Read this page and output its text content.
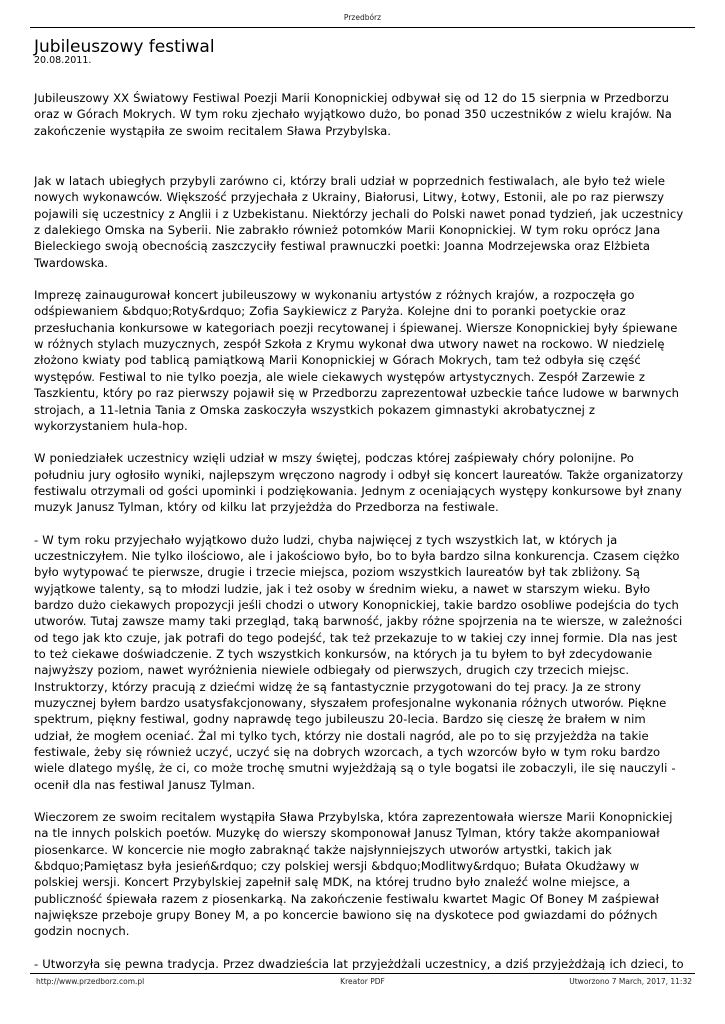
Przedbórz
Jubileuszowy festiwal
20.08.2011.

Jubileuszowy XX Światowy Festiwal Poezji Marii Konopnickiej odbywał się od 12 do 15 sierpnia w Przedborzu oraz w Górach Mokrych. W tym roku zjechało wyjątkowo dużo, bo ponad 350 uczestników z wielu krajów. Na zakończenie wystąpiła ze swoim recitalem Sława Przybylska.

Jak w latach ubiegłych przybyli zarówno ci, którzy brali udział w poprzednich festiwalach, ale było też wiele nowych wykonawców. Większość przyjechała z Ukrainy, Białorusi, Litwy, Łotwy, Estonii, ale po raz pierwszy pojawili się uczestnicy z Anglii i z Uzbekistanu. Niektórzy jechali do Polski nawet ponad tydzień, jak uczestnicy z dalekiego Omska na Syberii. Nie zabrakło również potomków Marii Konopnickiej. W tym roku oprócz Jana Bieleckiego swoją obecnością zaszczyciły festiwal prawnuczki poetki: Joanna Modrzejewska oraz Elżbieta Twardowska.

Imprezę zainaugurował koncert jubileuszowy w wykonaniu artystów z różnych krajów, a rozpoczęła go odśpiewaniem &bdquo;Roty&rdquo; Zofia Saykiewicz z Paryża. Kolejne dni to poranki poetyckie oraz przesłuchania konkursowe w kategoriach poezji recytowanej i śpiewanej. Wiersze Konopnickiej były śpiewane w różnych stylach muzycznych, zespół Szkoła z Krymu wykonał dwa utwory nawet na rockowo. W niedzielę złożono kwiaty pod tablicą pamiątkową Marii Konopnickiej w Górach Mokrych, tam też odbyła się część występów. Festiwal to nie tylko poezja, ale wiele ciekawych występów artystycznych. Zespół Zarzewie z Taszkientu, który po raz pierwszy pojawił się w Przedborzu zaprezentował uzbeckie tańce ludowe w barwnych strojach, a 11-letnia Tania z Omska zaskoczyła wszystkich pokazem gimnastyki akrobatycznej z wykorzystaniem hula-hop.

W poniedziałek uczestnicy wzięli udział w mszy świętej, podczas której zaśpiewały chóry polonijne. Po południu jury ogłosiło wyniki, najlepszym wręczono nagrody i odbył się koncert laureatów. Także organizatorzy festiwalu otrzymali od gości upominki i podziękowania. Jednym z oceniających występy konkursowe był znany muzyk Janusz Tylman, który od kilku lat przyjeżdża do Przedborza na festiwale.

- W tym roku przyjechało wyjątkowo dużo ludzi, chyba najwięcej z tych wszystkich lat, w których ja uczestniczyłem. Nie tylko ilościowo, ale i jakościowo było, bo to była bardzo silna konkurencja. Czasem ciężko było wytypować te pierwsze, drugie i trzecie miejsca, poziom wszystkich laureatów był tak zbliżony. Są wyjątkowe talenty, są to młodzi ludzie, jak i też osoby w średnim wieku, a nawet w starszym wieku. Było bardzo dużo ciekawych propozycji jeśli chodzi o utwory Konopnickiej, takie bardzo osobliwe podejścia do tych utworów. Tutaj zawsze mamy taki przegląd, taką barwność, jakby różne spojrzenia na te wiersze, w zależności od tego jak kto czuje, jak potrafi do tego podejść, tak też przekazuje to w takiej czy innej formie. Dla nas jest to też ciekawe doświadczenie. Z tych wszystkich konkursów, na których ja tu byłem to był zdecydowanie najwyższy poziom, nawet wyróżnienia niewiele odbiegały od pierwszych, drugich czy trzecich miejsc. Instruktorzy, którzy pracują z dziećmi widzę że są fantastycznie przygotowani do tej pracy. Ja ze strony muzycznej byłem bardzo usatysfakcjonowany, słyszałem profesjonalne wykonania różnych utworów. Piękne spektrum, piękny festiwal, godny naprawdę tego jubileuszu 20-lecia. Bardzo się cieszę że brałem w nim udział, że mogłem oceniać. Żal mi tylko tych, którzy nie dostali nagród, ale po to się przyjeżdża na takie festiwale, żeby się również uczyć, uczyć się na dobrych wzorcach, a tych wzorców było w tym roku bardzo wiele dlatego myślę, że ci, co może trochę smutni wyjeżdżają są o tyle bogatsi ile zobaczyli, ile się nauczyli - ocenił dla nas festiwal Janusz Tylman.

Wieczorem ze swoim recitalem wystąpiła Sława Przybylska, która zaprezentowała wiersze Marii Konopnickiej na tle innych polskich poetów. Muzykę do wierszy skomponował Janusz Tylman, który także akompaniował piosenkarce. W koncercie nie mogło zabraknąć także najsłynniejszych utworów artystki, takich jak &bdquo;Pamiętasz była jesień&rdquo; czy polskiej wersji &bdquo;Modlitwy&rdquo; Bułata Okudżawy w polskiej wersji. Koncert Przybylskiej zapełnił salę MDK, na której trudno było znaleźć wolne miejsce, a publiczność śpiewała razem z piosenkarką. Na zakończenie festiwalu kwartet Magic Of Boney M zaśpiewał największe przeboje grupy Boney M, a po koncercie bawiono się na dyskotece pod gwiazdami do późnych godzin nocnych.

- Utworzyła się pewna tradycja. Przez dwadzieścia lat przyjeżdżali uczestnicy, a dziś przyjeżdżają ich dzieci, to

http://www.przedborz.com.pl	Kreator PDF	Utworzono 7 March, 2017, 11:32
